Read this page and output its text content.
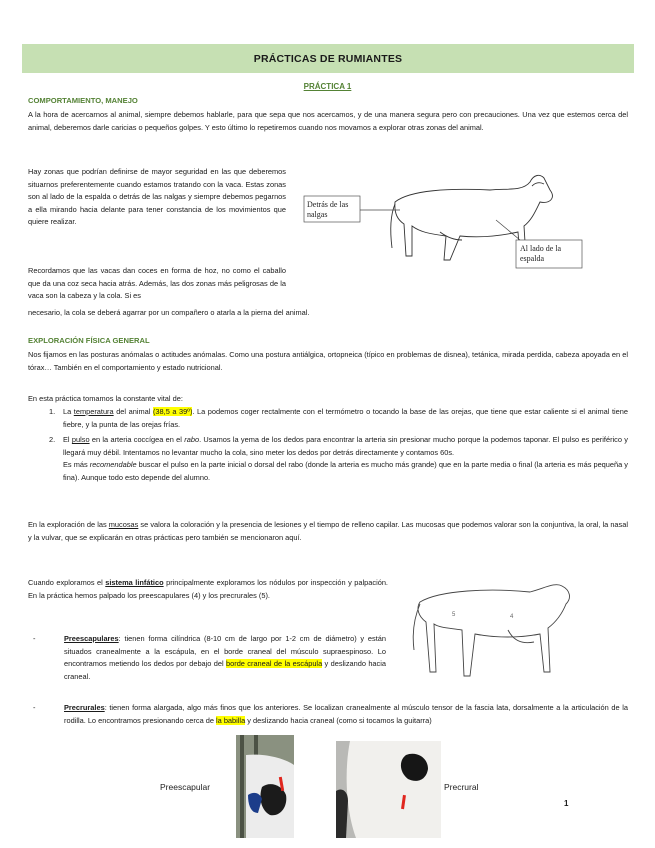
PRÁCTICAS DE RUMIANTES
PRÁCTICA 1
COMPORTAMIENTO, MANEJO
A la hora de acercarnos al animal, siempre debemos hablarle, para que sepa que nos acercamos, y de una manera segura pero con precauciones. Una vez que estemos cerca del animal, deberemos darle caricias o pequeños golpes. Y esto último lo repetiremos cuando nos movamos a explorar otras zonas del animal.
Hay zonas que podrían definirse de mayor seguridad en las que deberemos situarnos preferentemente cuando estamos tratando con la vaca. Estas zonas son al lado de la espalda o detrás de las nalgas y siempre debemos pegarnos a ella mirando hacia delante para tener constancia de los movimientos que quiere realizar.
Recordamos que las vacas dan coces en forma de hoz, no como el caballo que da una coz seca hacia atrás. Además, las dos zonas más peligrosas de la vaca son la cabeza y la cola. Si es
necesario, la cola se deberá agarrar por un compañero o atarla a la pierna del animal.
Detrás de las nalgas
Al lado de la espalda
EXPLORACIÓN FÍSICA GENERAL
Nos fijamos en las posturas anómalas o actitudes anómalas. Como una postura antiálgica, ortopneica (típico en problemas de disnea), tetánica, mirada perdida, cabeza apoyada en el tórax… También en el comportamiento y estado nutricional.
En esta práctica tomamos la constante vital de:
1. La temperatura del animal (38,5 a 39º). La podemos coger rectalmente con el termómetro o tocando la base de las orejas, que tiene que estar caliente si el animal tiene fiebre, y la punta de las orejas frías.
2. El pulso en la arteria coccígea en el rabo. Usamos la yema de los dedos para encontrar la arteria sin presionar mucho porque la podemos taponar. El pulso es periférico y llegará muy débil. Intentamos no levantar mucho la cola, sino meter los dedos por detrás directamente y contamos 60s.
Es más recomendable buscar el pulso en la parte inicial o dorsal del rabo (donde la arteria es mucho más grande) que en la parte media o final (la arteria es más pequeña y fina). Aunque todo esto depende del alumno.
En la exploración de las mucosas se valora la coloración y la presencia de lesiones y el tiempo de relleno capilar. Las mucosas que podemos valorar son la conjuntiva, la oral, la nasal y la vulvar, que se explicarán en otras prácticas pero también se mencionaron aquí.
Cuando exploramos el sistema linfático principalmente exploramos los nódulos por inspección y palpación. En la práctica hemos palpado los preescapulares (4) y los precrurales (5).
4
5
-	Preescapulares: tienen forma cilíndrica (8-10 cm de largo por 1-2 cm de diámetro) y están situados cranealmente a la escápula, en el borde craneal del músculo supraespinoso. Lo encontramos metiendo los dedos por debajo del borde craneal de la escápula y deslizando hacia craneal.
-	Precrurales: tienen forma alargada, algo más finos que los anteriores. Se localizan cranealmente al músculo tensor de la fascia lata, dorsalmente a la articulación de la rodilla. Lo encontramos presionando cerca de la babilla y deslizando hacia craneal (como si tocamos la guitarra)
Preescapular	Precrural
1
